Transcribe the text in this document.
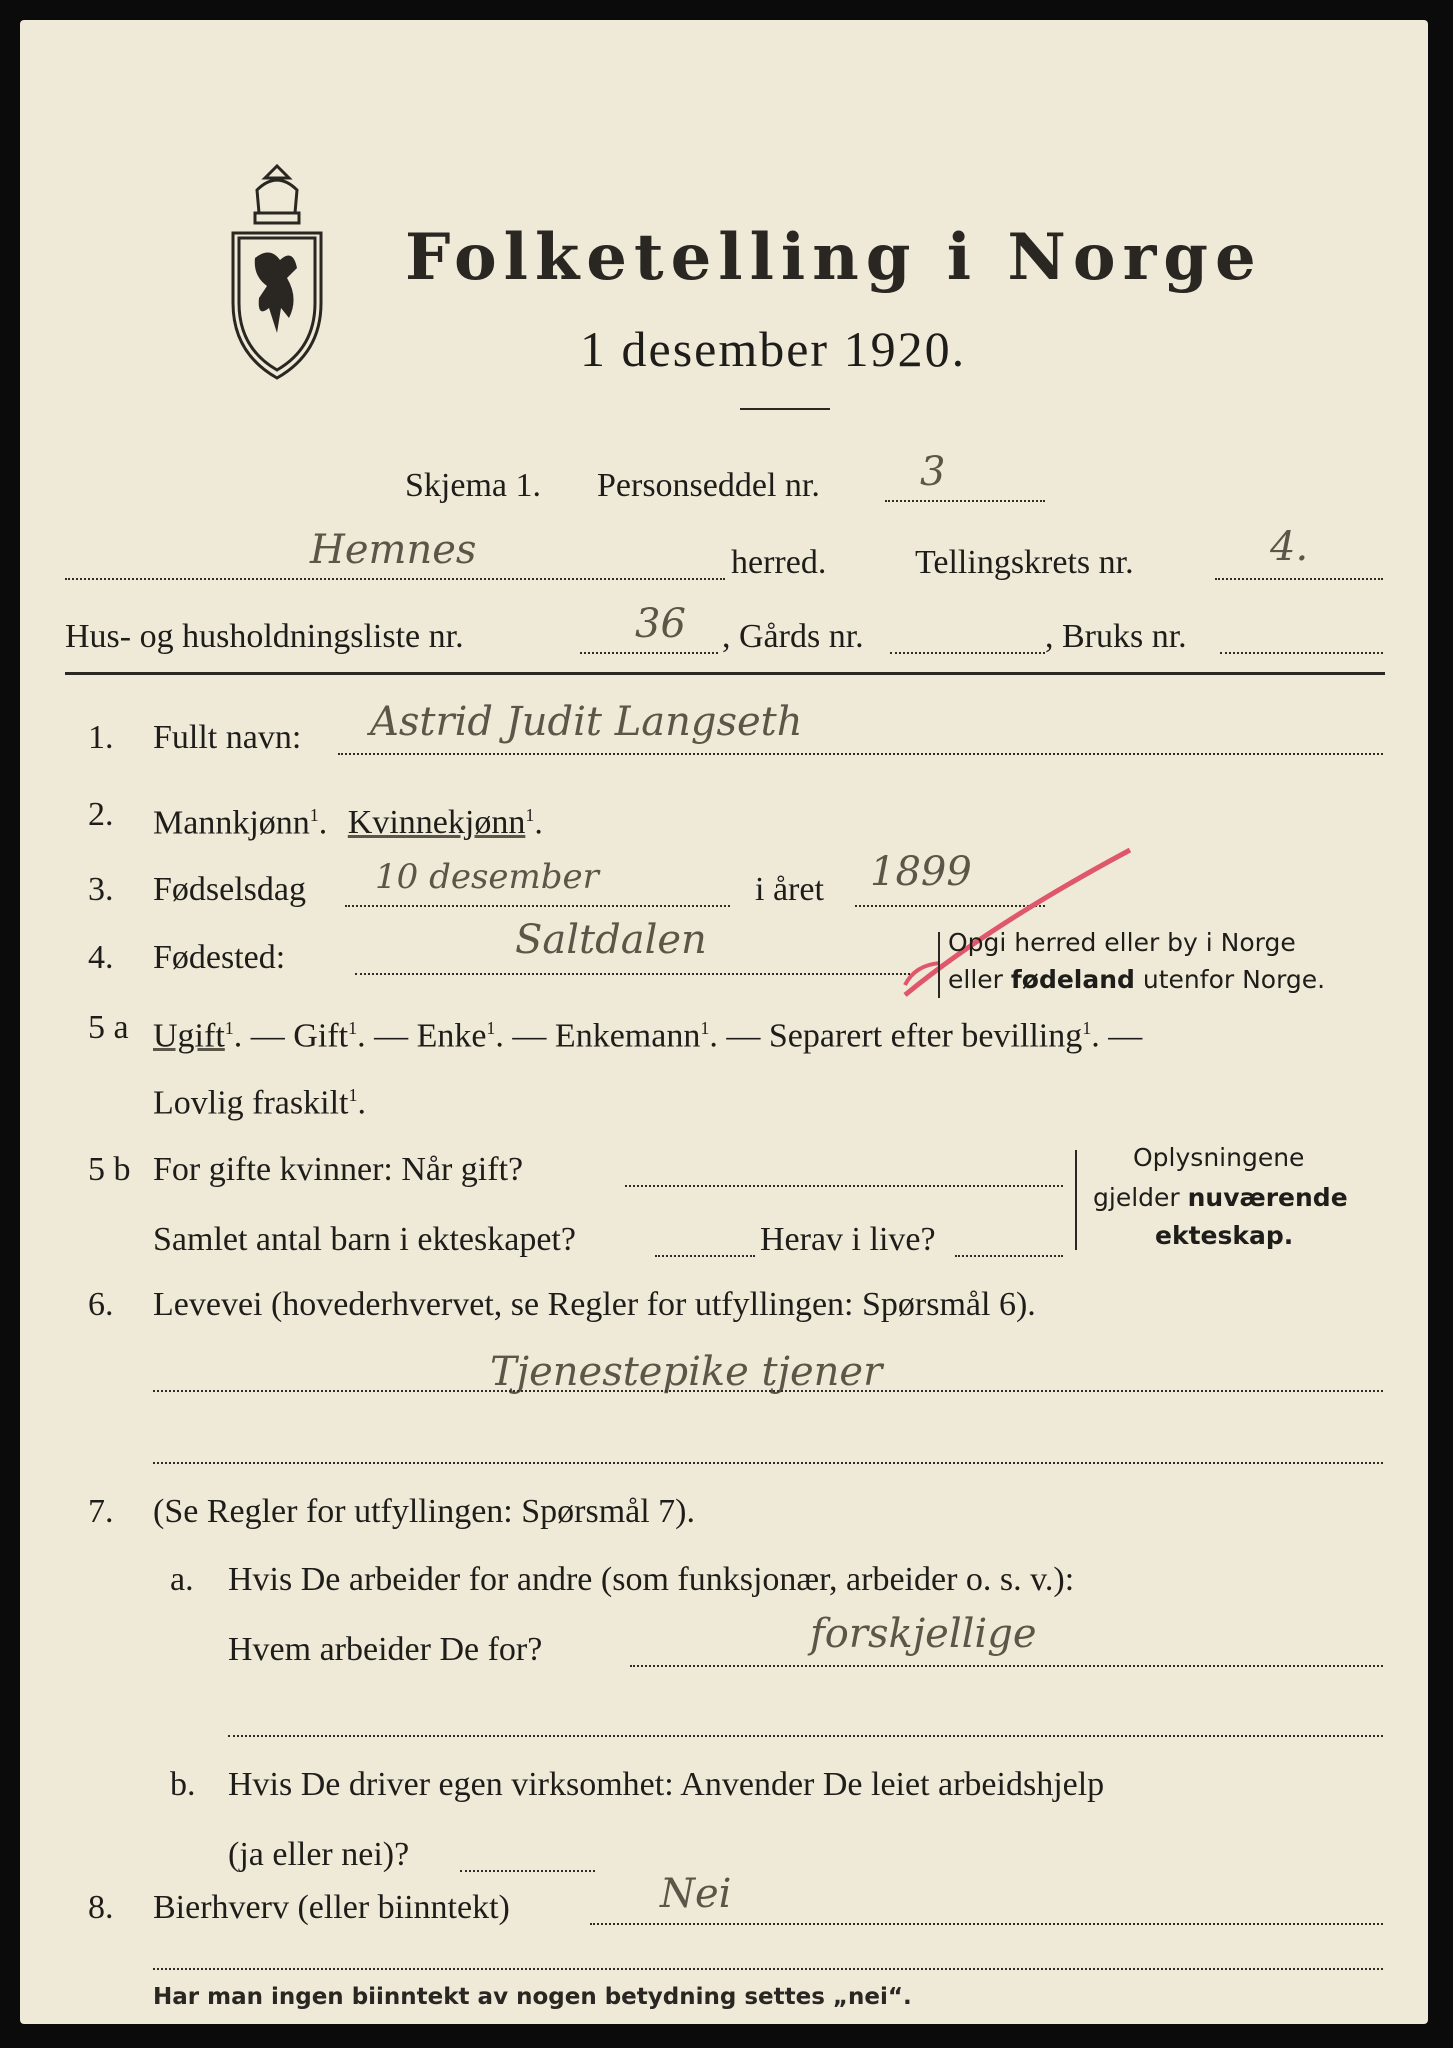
Folketelling i Norge
1 desember 1920.
Skjema 1. Personseddel nr.	3
Hemnes	herred.	Tellingskrets nr.	4.
Hus- og husholdningsliste nr.	36 , Gårds nr.	, Bruks nr.
1. Fullt navn: Astrid Judit Langseth
2. Mannkjønn$^1$. Kvinnekjønn$^1$.
3. Fødselsdag 10 desember	i året 1899
4. Fødested:	Saltdalen	Opgi herred eller by i Norge
eller fødeland utenfor Norge.
5 a Ugift$^1$. — Gift$^1$. — Enke$^1$. — Enkemann$^1$. — Separert efter bevilling$^1$. —
Lovlig fraskilt$^1$.
5 b For gifte kvinner: Når gift?
Samlet antal barn i ekteskapet?	Herav i live?
Oplysningene
gjelder nuværende
ekteskap.
6. Levevei (hovederhvervet, se Regler for utfyllingen: Spørsmål 6).
Tjenestepike tjener
7. (Se Regler for utfyllingen: Spørsmål 7).
a. Hvis De arbeider for andre (som funksjonær, arbeider o. s. v.):
Hvem arbeider De for?	forskjellige
b. Hvis De driver egen virksomhet: Anvender De leiet arbeidshjelp
(ja eller nei)?
8. Bierhverv (eller biinntekt)	Nei
Har man ingen biinntekt av nogen betydning settes „nei“.
